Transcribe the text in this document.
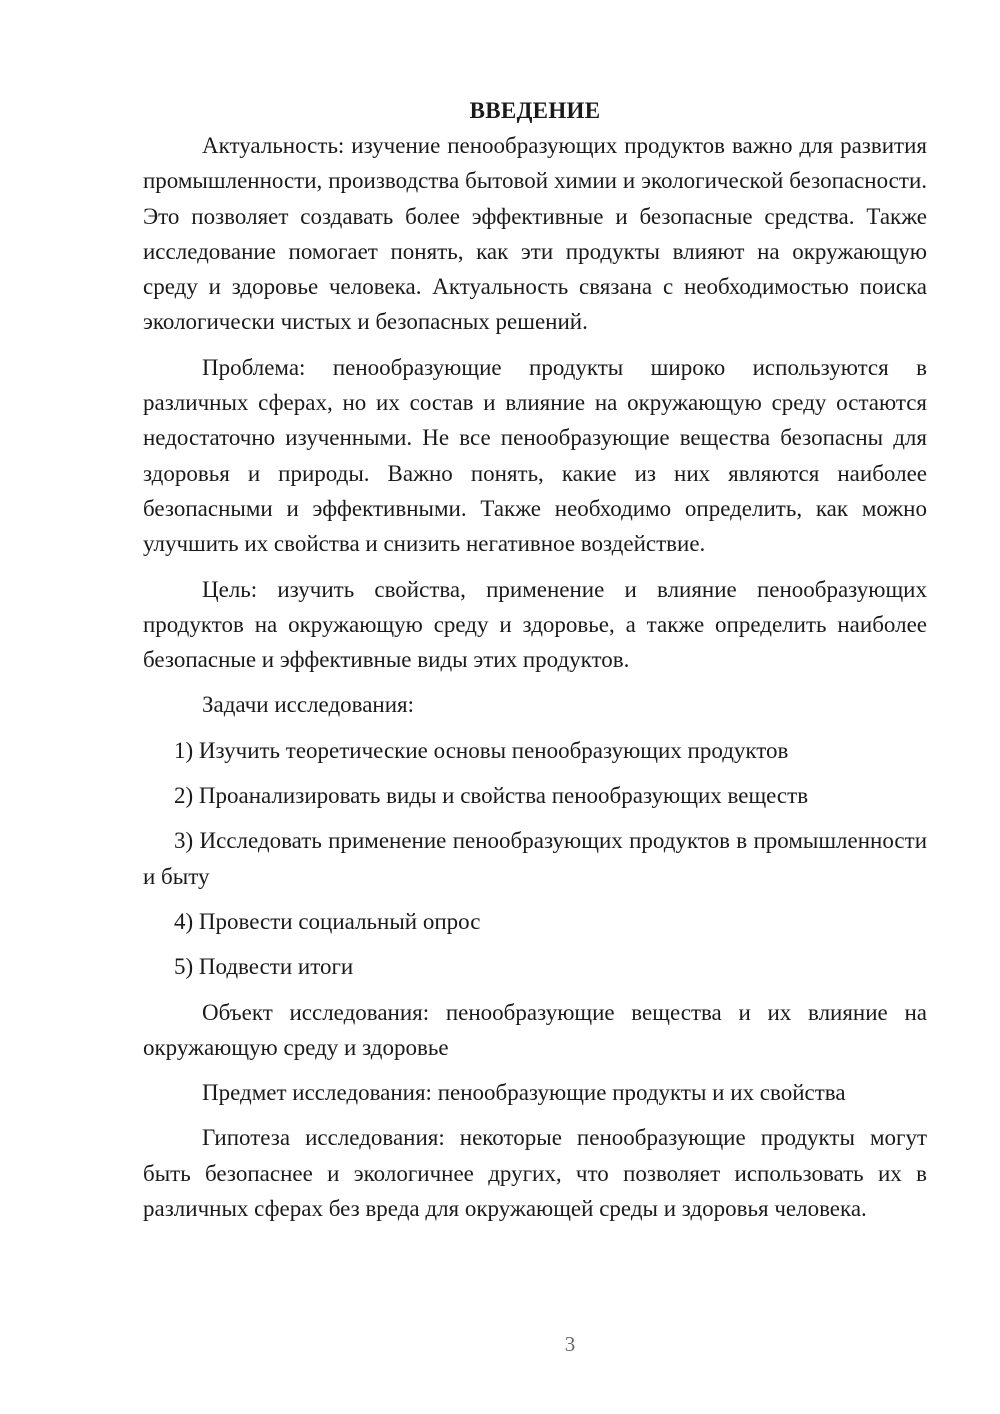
ВВЕДЕНИЕ

Актуальность: изучение пенообразующих продуктов важно для развития промышленности, производства бытовой химии и экологической безопасности. Это позволяет создавать более эффективные и безопасные средства. Также исследование помогает понять, как эти продукты влияют на окружающую среду и здоровье человека. Актуальность связана с необходимостью поиска экологически чистых и безопасных решений.

Проблема: пенообразующие продукты широко используются в различных сферах, но их состав и влияние на окружающую среду остаются недостаточно изученными. Не все пенообразующие вещества безопасны для здоровья и природы. Важно понять, какие из них являются наиболее безопасными и эффективными. Также необходимо определить, как можно улучшить их свойства и снизить негативное воздействие.

Цель: изучить свойства, применение и влияние пенообразующих продуктов на окружающую среду и здоровье, а также определить наиболее безопасные и эффективные виды этих продуктов.

Задачи исследования:

1) Изучить теоретические основы пенообразующих продуктов

2) Проанализировать виды и свойства пенообразующих веществ

3) Исследовать применение пенообразующих продуктов в промышленности и быту

4) Провести социальный опрос

5) Подвести итоги

Объект исследования: пенообразующие вещества и их влияние на окружающую среду и здоровье

Предмет исследования: пенообразующие продукты и их свойства

Гипотеза исследования: некоторые пенообразующие продукты могут быть безопаснее и экологичнее других, что позволяет использовать их в различных сферах без вреда для окружающей среды и здоровья человека.

3
